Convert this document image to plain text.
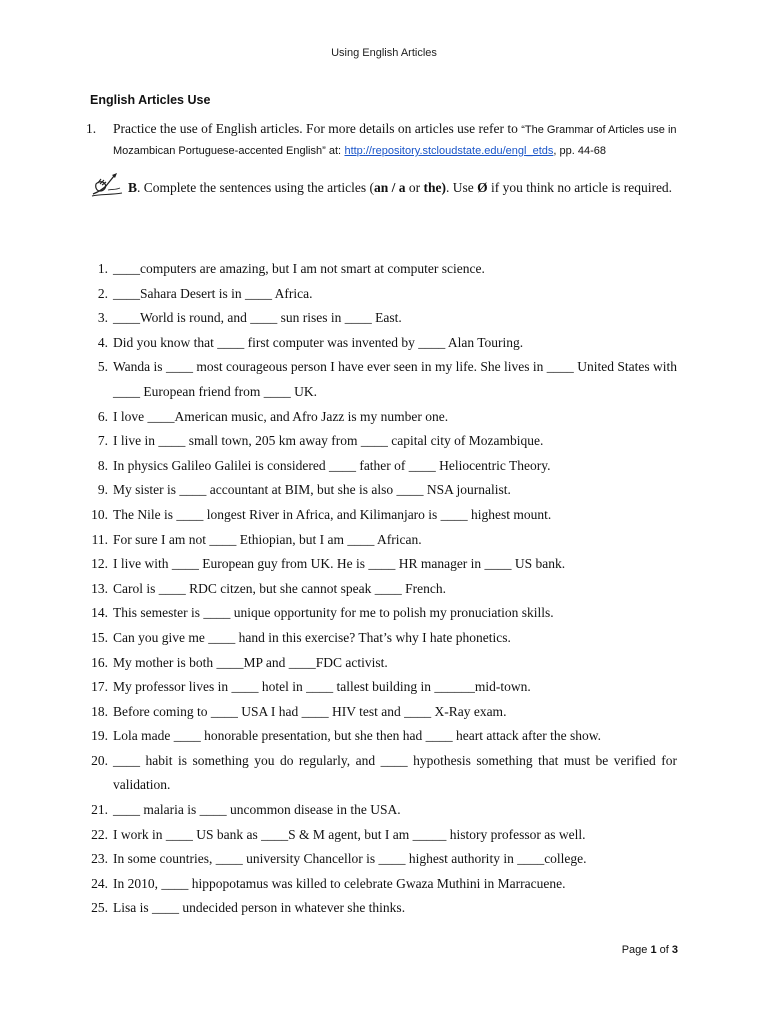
Using English Articles
English Articles Use
1. Practice the use of English articles. For more details on articles use refer to “The Grammar of Articles use in Mozambican Portuguese-accented English” at: http://repository.stcloudstate.edu/engl_etds, pp. 44-68
B. Complete the sentences using the articles (an / a or the). Use Ø if you think no article is required.
1. ____computers are amazing, but I am not smart at computer science.
2. ____Sahara Desert is in ____ Africa.
3. ____World is round, and ____ sun rises in ____ East.
4. Did you know that ____ first computer was invented by ____ Alan Touring.
5. Wanda is ____ most courageous person I have ever seen in my life. She lives in ____ United States with ____ European friend from ____ UK.
6. I love ____American music, and Afro Jazz is my number one.
7. I live in ____ small town, 205 km away from ____ capital city of Mozambique.
8. In physics Galileo Galilei is considered ____ father of ____ Heliocentric Theory.
9. My sister is ____ accountant at BIM, but she is also ____ NSA journalist.
10. The Nile is ____ longest River in Africa, and Kilimanjaro is ____ highest mount.
11. For sure I am not ____ Ethiopian, but I am ____ African.
12. I live with ____ European guy from UK. He is ____ HR manager in ____ US bank.
13. Carol is ____ RDC citzen, but she cannot speak ____ French.
14. This semester is ____ unique opportunity for me to polish my pronuciation skills.
15. Can you give me ____ hand in this exercise? That’s why I hate phonetics.
16. My mother is both ____MP and ____FDC activist.
17. My professor lives in ____ hotel in ____ tallest building in ______mid-town.
18. Before coming to ____ USA I had ____ HIV test and ____ X-Ray exam.
19. Lola made ____ honorable presentation, but she then had ____ heart attack after the show.
20. ____ habit is something you do regularly, and ____ hypothesis something that must be verified for validation.
21. ____ malaria is ____ uncommon disease in the USA.
22. I work in ____ US bank as ____S & M agent, but I am _____ history professor as well.
23. In some countries, ____ university Chancellor is ____ highest authority in ____college.
24. In 2010, ____ hippopotamus was killed to celebrate Gwaza Muthini in Marracuene.
25. Lisa is ____ undecided person in whatever she thinks.
Page 1 of 3
